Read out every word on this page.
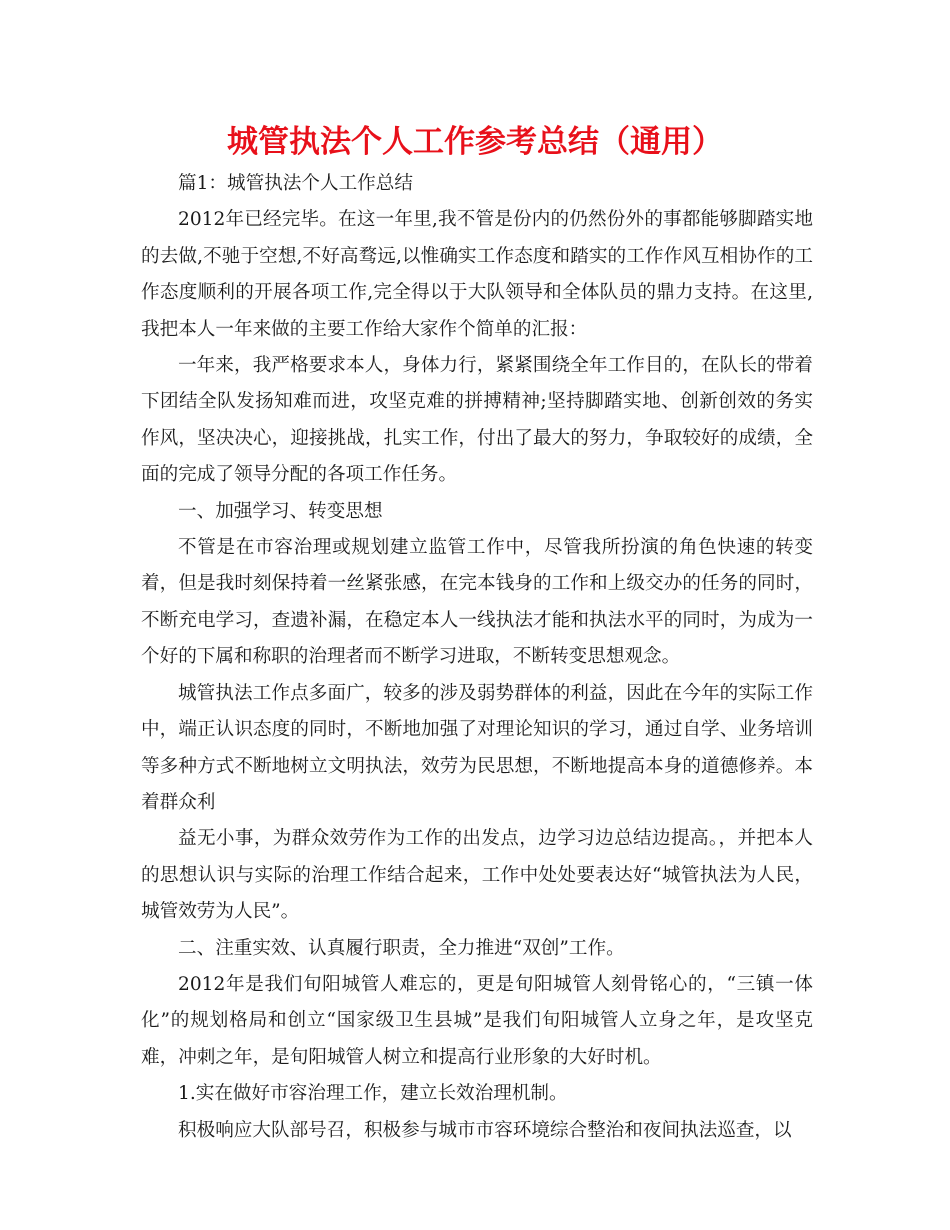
城管执法个人工作参考总结（通用）

篇1：城管执法个人工作总结

2012年已经完毕。在这一年里,我不管是份内的仍然份外的事都能够脚踏实地的去做,不驰于空想,不好高骛远,以惟确实工作态度和踏实的工作作风互相协作的工作态度顺利的开展各项工作,完全得以于大队领导和全体队员的鼎力支持。在这里,我把本人一年来做的主要工作给大家作个简单的汇报：

一年来，我严格要求本人，身体力行，紧紧围绕全年工作目的，在队长的带着下团结全队发扬知难而进，攻坚克难的拼搏精神;坚持脚踏实地、创新创效的务实作风，坚决决心，迎接挑战，扎实工作，付出了最大的努力，争取较好的成绩，全面的完成了领导分配的各项工作任务。

一、加强学习、转变思想

不管是在市容治理或规划建立监管工作中，尽管我所扮演的角色快速的转变着，但是我时刻保持着一丝紧张感，在完本钱身的工作和上级交办的任务的同时，不断充电学习，查遗补漏，在稳定本人一线执法才能和执法水平的同时，为成为一个好的下属和称职的治理者而不断学习进取，不断转变思想观念。

城管执法工作点多面广，较多的涉及弱势群体的利益，因此在今年的实际工作中，端正认识态度的同时，不断地加强了对理论知识的学习，通过自学、业务培训等多种方式不断地树立文明执法，效劳为民思想，不断地提高本身的道德修养。本着群众利

益无小事，为群众效劳作为工作的出发点，边学习边总结边提高。，并把本人的思想认识与实际的治理工作结合起来，工作中处处要表达好“城管执法为人民，城管效劳为人民”。

二、注重实效、认真履行职责，全力推进“双创”工作。

2012年是我们旬阳城管人难忘的，更是旬阳城管人刻骨铭心的，“三镇一体化”的规划格局和创立“国家级卫生县城”是我们旬阳城管人立身之年，是攻坚克难，冲刺之年，是旬阳城管人树立和提高行业形象的大好时机。

1.实在做好市容治理工作，建立长效治理机制。

积极响应大队部号召，积极参与城市市容环境综合整治和夜间执法巡查，以
